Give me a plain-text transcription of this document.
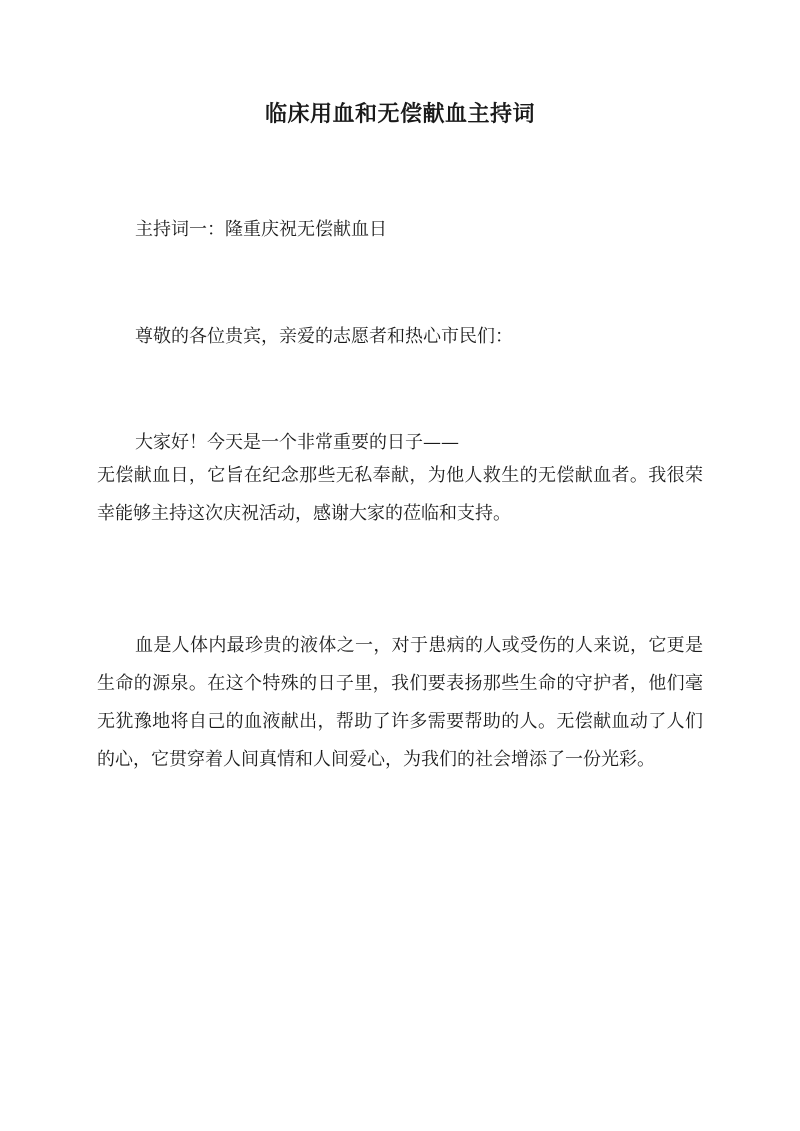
临床用血和无偿献血主持词

主持词一：隆重庆祝无偿献血日

尊敬的各位贵宾，亲爱的志愿者和热心市民们：

大家好！今天是一个非常重要的日子——

无偿献血日，它旨在纪念那些无私奉献，为他人救生的无偿献血者。我很荣幸能够主持这次庆祝活动，感谢大家的莅临和支持。

血是人体内最珍贵的液体之一，对于患病的人或受伤的人来说，它更是生命的源泉。在这个特殊的日子里，我们要表扬那些生命的守护者，他们毫无犹豫地将自己的血液献出，帮助了许多需要帮助的人。无偿献血动了人们的心，它贯穿着人间真情和人间爱心，为我们的社会增添了一份光彩。
